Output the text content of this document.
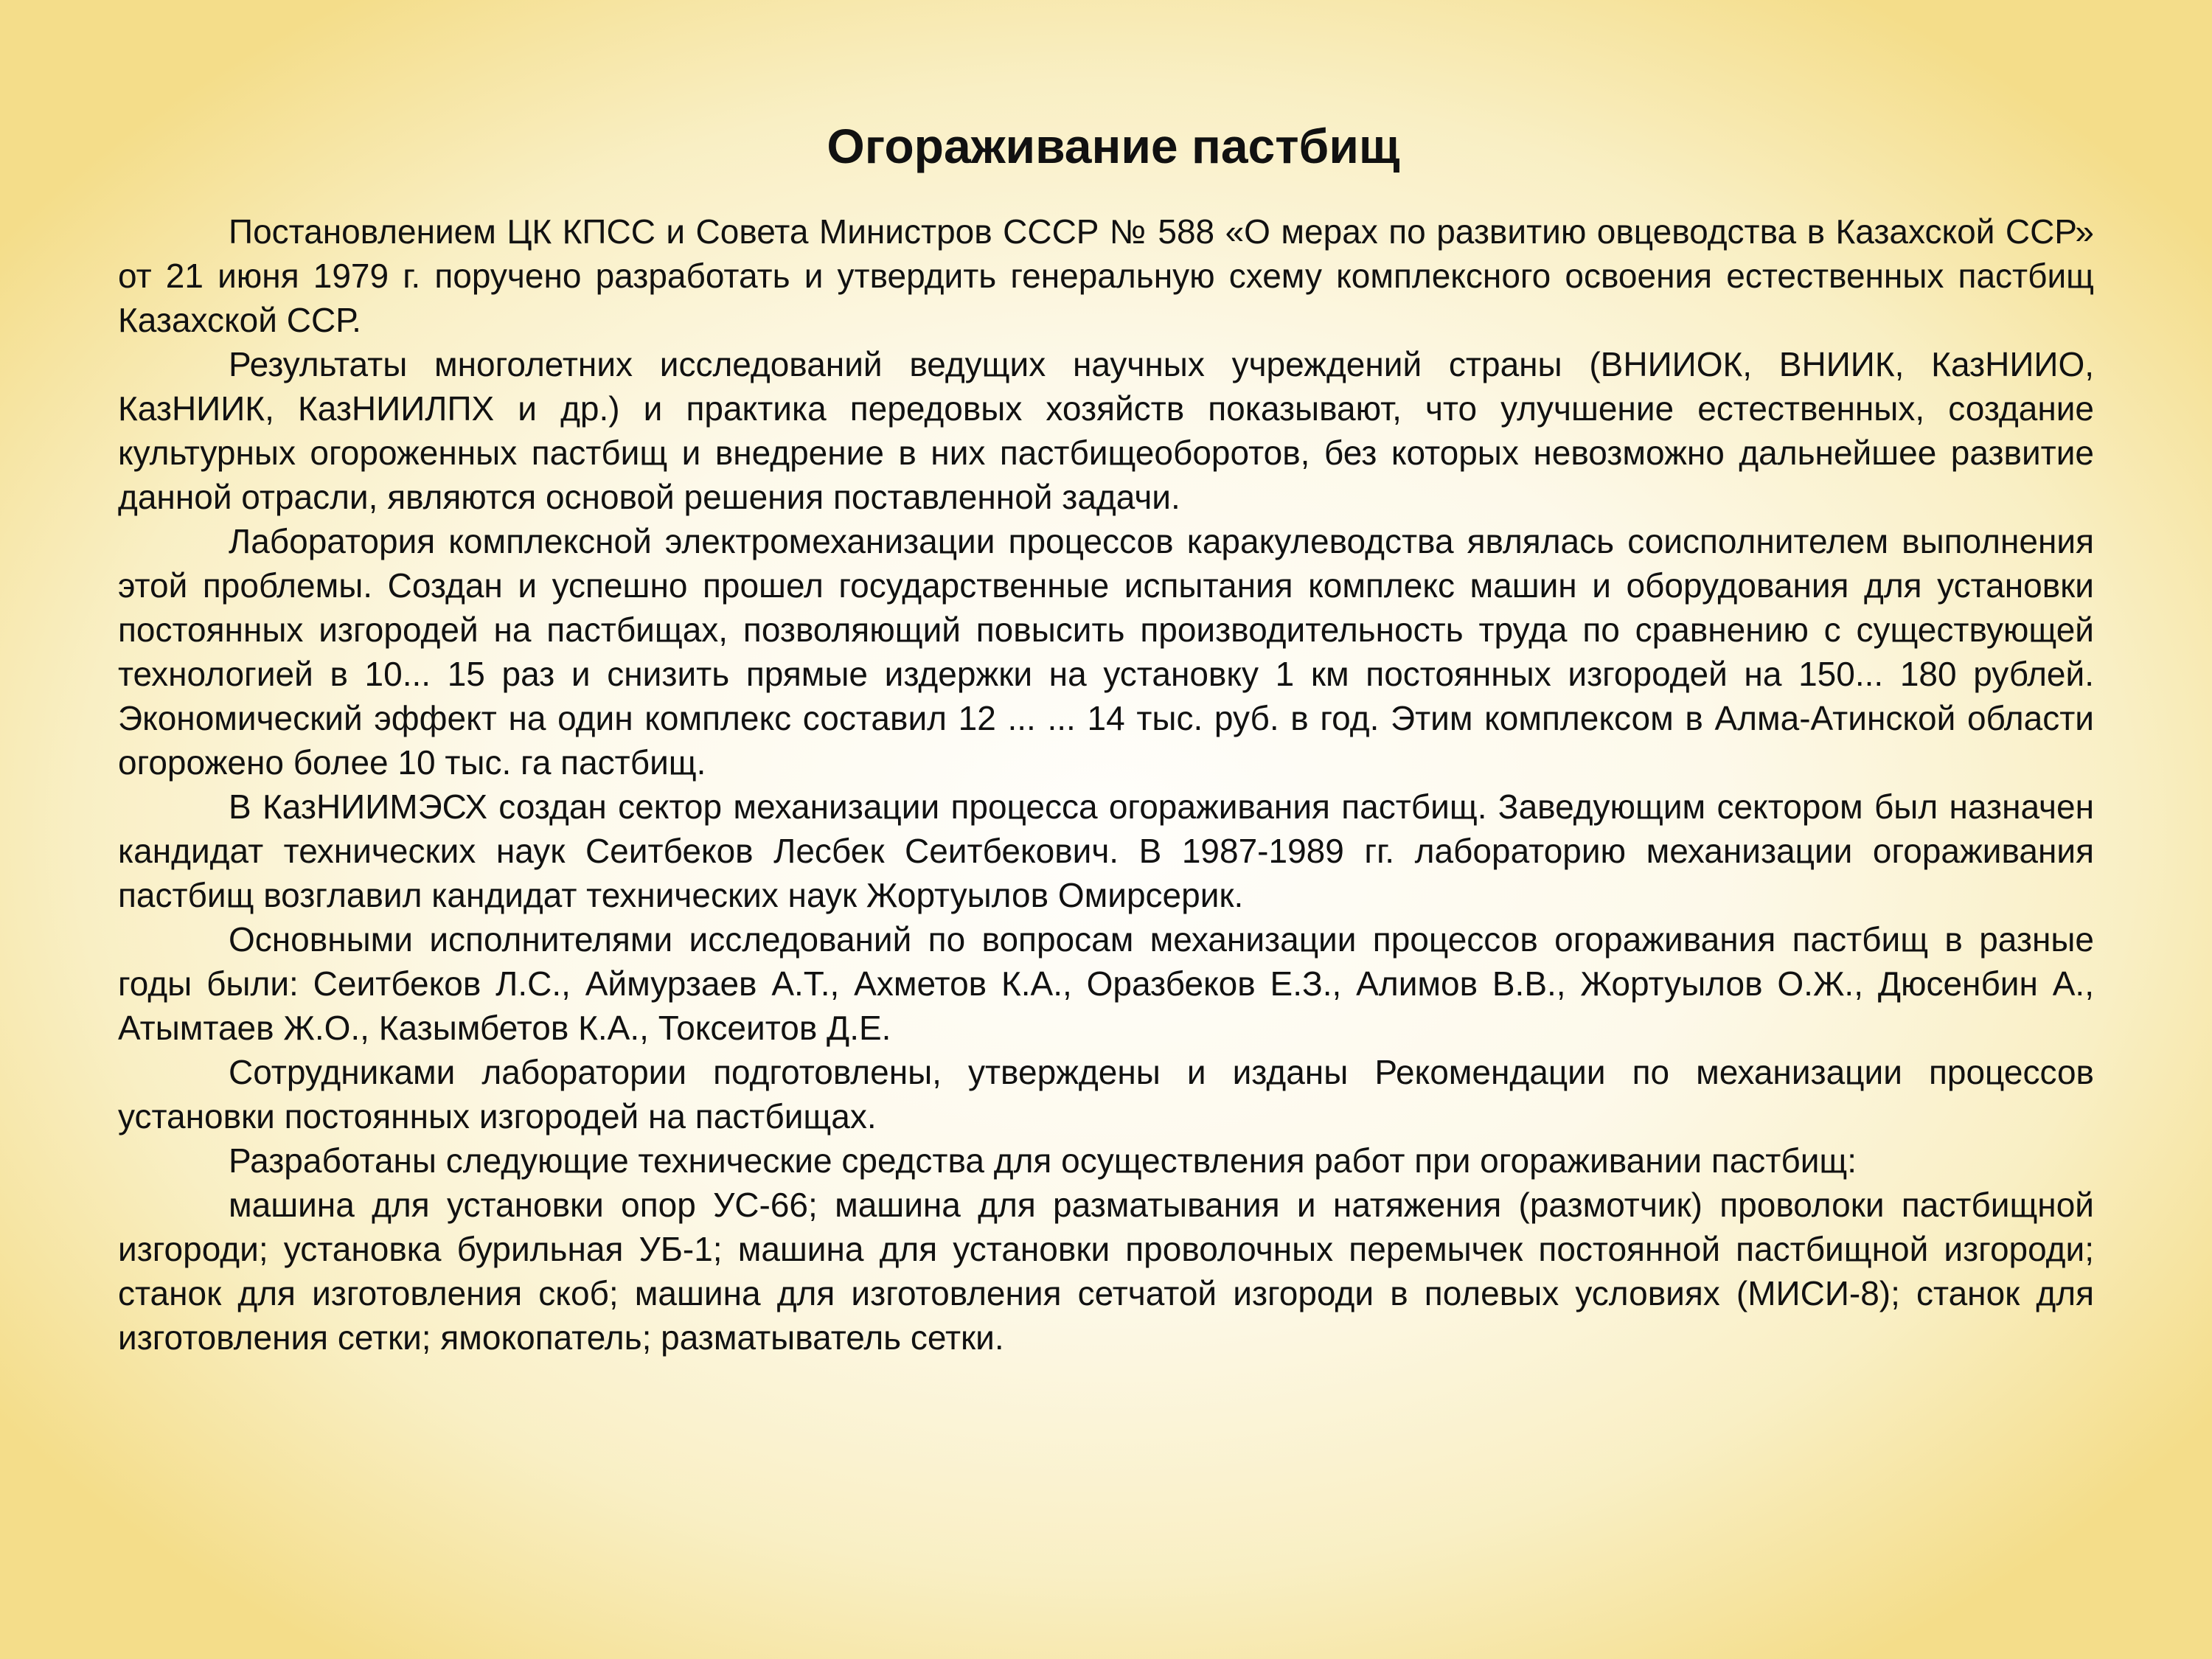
Огораживание пастбищ

Постановлением ЦК КПСС и Совета Министров СССР № 588 «О мерах по развитию овцеводства в Казахской ССР» от 21 июня 1979 г. поручено разработать и утвердить генеральную схему комплексного освоения естественных пастбищ Казахской ССР.

Результаты многолетних исследований ведущих научных учреждений страны (ВНИИОК, ВНИИК, КазНИИО, КазНИИК, КазНИИЛПХ и др.) и практика передовых хозяйств показывают, что улучшение естественных, создание культурных огороженных пастбищ и внедрение в них пастбищеоборотов, без которых невозможно дальнейшее развитие данной отрасли, являются основой решения поставленной задачи.

Лаборатория комплексной электромеханизации процессов каракулеводства являлась соисполнителем выполнения этой проблемы. Создан и успешно прошел государственные испытания комплекс машин и оборудования для установки постоянных изгородей на пастбищах, позволяющий повысить производительность труда по сравнению с существующей технологией в 10... 15 раз и снизить прямые издержки на установку 1 км постоянных изгородей на 150... 180 рублей. Экономический эффект на один комплекс составил 12 ... ... 14 тыс. руб. в год. Этим комплексом в Алма-Атинской области огорожено более 10 тыс. га пастбищ.

В КазНИИМЭСХ создан сектор механизации процесса огораживания пастбищ. Заведующим сектором был назначен кандидат технических наук Сеитбеков Лесбек Сеитбекович. В 1987-1989 гг. лабораторию механизации огораживания пастбищ возглавил кандидат технических наук Жортуылов Омирсерик.

Основными исполнителями исследований по вопросам механизации процессов огораживания пастбищ в разные годы были: Сеитбеков Л.С., Аймурзаев А.Т., Ахметов К.А., Оразбеков Е.З., Алимов В.В., Жортуылов О.Ж., Дюсенбин А., Атымтаев Ж.О., Казымбетов К.А., Токсеитов Д.Е.

Сотрудниками лаборатории подготовлены, утверждены и изданы Рекомендации по механизации процессов установки постоянных изгородей на пастбищах.

Разработаны следующие технические средства для осуществления работ при огораживании пастбищ:

машина для установки опор УС-66; машина для разматывания и натяжения (размотчик) проволоки пастбищной изгороди; установка бурильная УБ-1; машина для установки проволочных перемычек постоянной пастбищной изгороди; станок для изготовления скоб; машина для изготовления сетчатой изгороди в полевых условиях (МИСИ-8); станок для изготовления сетки; ямокопатель; разматыватель сетки.
